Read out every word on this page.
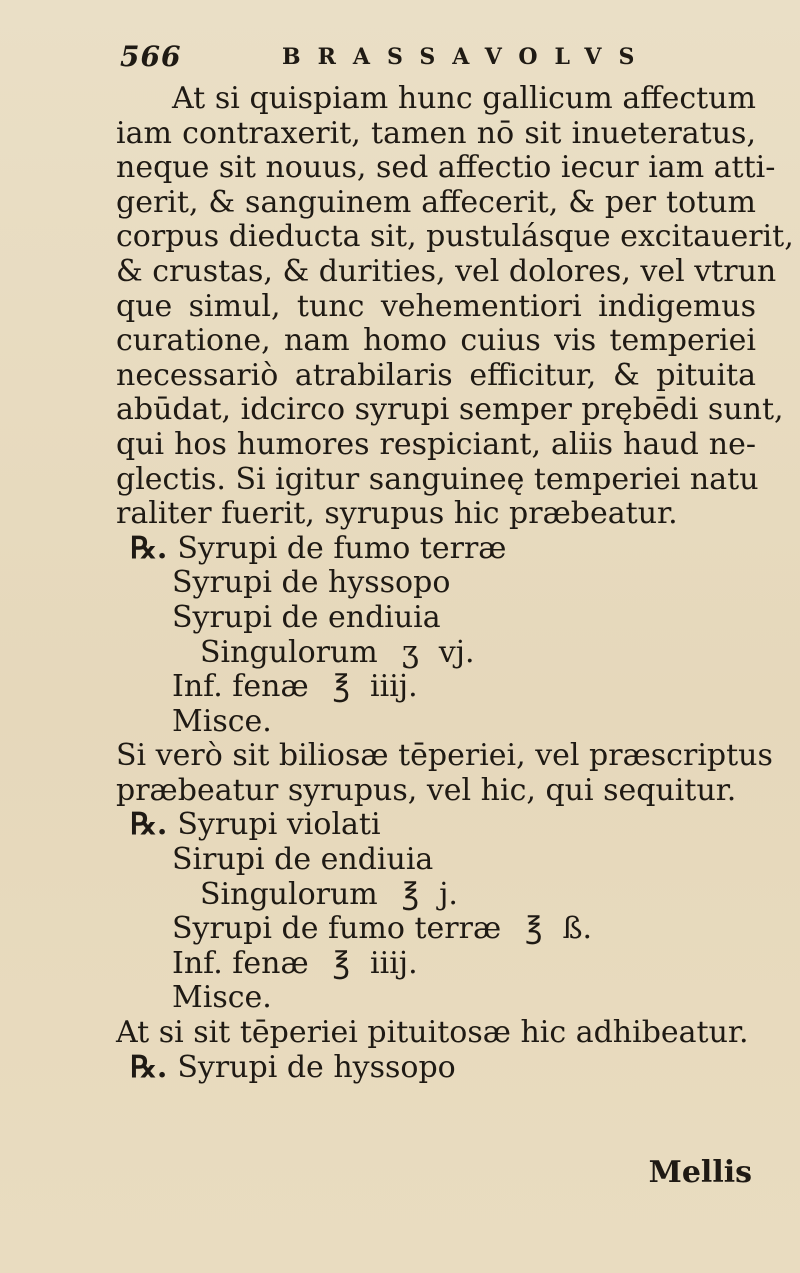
566	BRASSAVOLVS
At si quispiam hunc gallicum affectum
iam contraxerit, tamen nō sit inueteratus,
neque sit nouus, sed affectio iecur iam atti-
gerit, & sanguinem affecerit, & per totum
corpus dieducta sit, pustulásque excitauerit,
& crustas, & durities, vel dolores, vel vtrun
que simul, tunc vehementiori indigemus
curatione, nam homo cuius vis temperiei
necessariò atrabilaris efficitur, & pituita
abūdat, idcirco syrupi semper prębēdi sunt,
qui hos humores respiciant, aliis haud ne-
glectis. Si igitur sanguineę temperiei natu
raliter fuerit, syrupus hic præbeatur.
℞. Syrupi de fumo terræ
Syrupi de hyssopo
Syrupi de endiuia
Singulorum ʒ vj.
Inf. fenæ ℥ iiij.
Misce.
Si verò sit biliosæ tēperiei, vel præscriptus
præbeatur syrupus, vel hic, qui sequitur.
℞. Syrupi violati
Sirupi de endiuia
Singulorum ℥ j.
Syrupi de fumo terræ ℥ ß.
Inf. fenæ ℥ iiij.
Misce.
At si sit tēperiei pituitosæ hic adhibeatur.
℞. Syrupi de hyssopo
Mellis
